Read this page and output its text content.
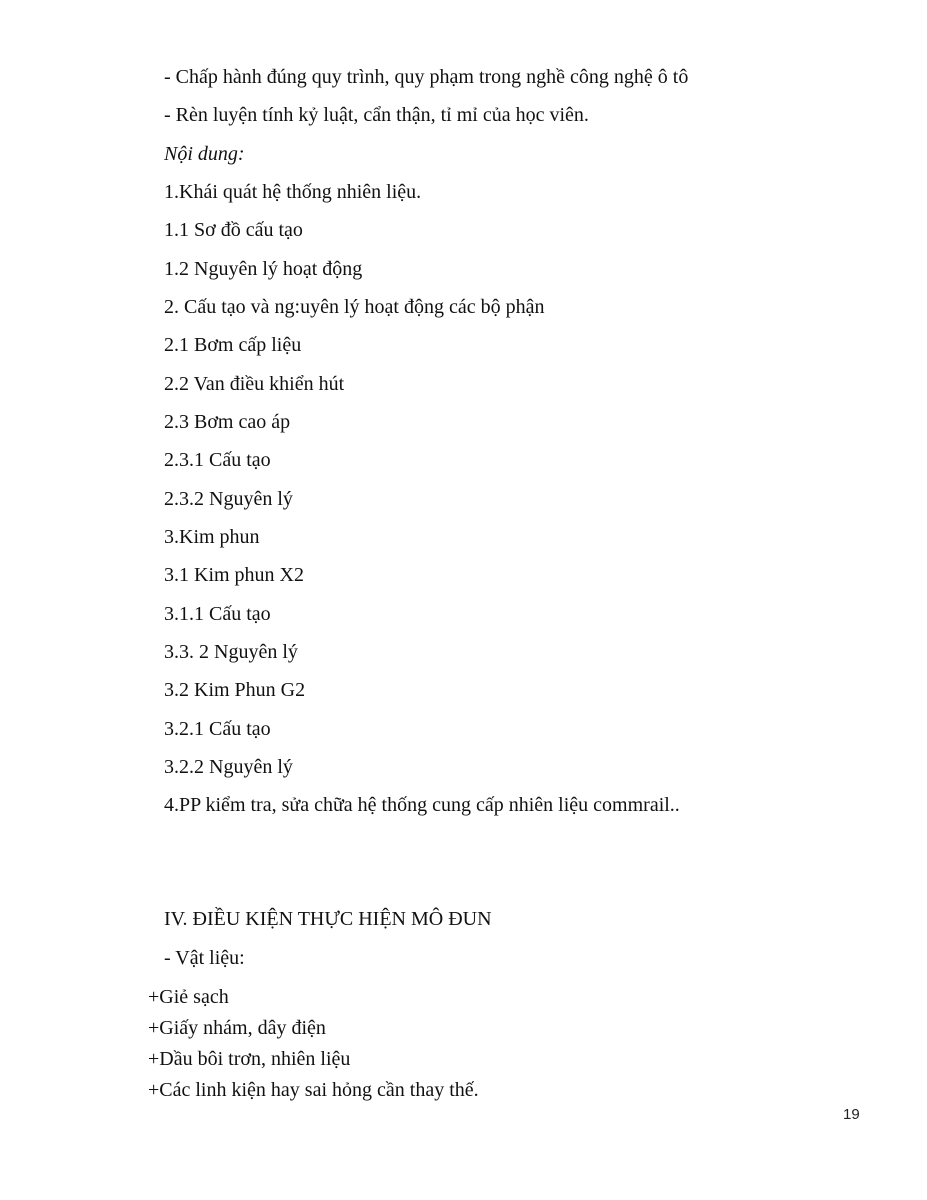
- Chấp hành đúng quy trình, quy phạm trong nghề công nghệ ô tô
- Rèn luyện tính kỷ luật, cẩn thận, tỉ mỉ của học viên.
Nội dung:
1.Khái quát hệ thống nhiên liệu.
1.1 Sơ đồ cấu tạo
1.2 Nguyên lý hoạt động
2. Cấu tạo và ng:uyên lý hoạt động các bộ phận
2.1 Bơm cấp liệu
2.2 Van điều khiển hút
2.3 Bơm cao áp
2.3.1 Cấu tạo
2.3.2 Nguyên lý
3.Kim phun
3.1 Kim phun X2
3.1.1 Cấu tạo
3.3. 2 Nguyên lý
3.2 Kim Phun G2
3.2.1 Cấu tạo
3.2.2 Nguyên lý
4.PP kiểm tra, sửa chữa hệ thống cung cấp nhiên liệu commrail..
IV. ĐIỀU KIỆN THỰC HIỆN MÔ ĐUN
- Vật liệu:
+Giẻ sạch
+Giấy nhám, dây điện
+Dầu bôi trơn, nhiên liệu
+Các linh kiện hay sai hỏng cần thay thế.
19
